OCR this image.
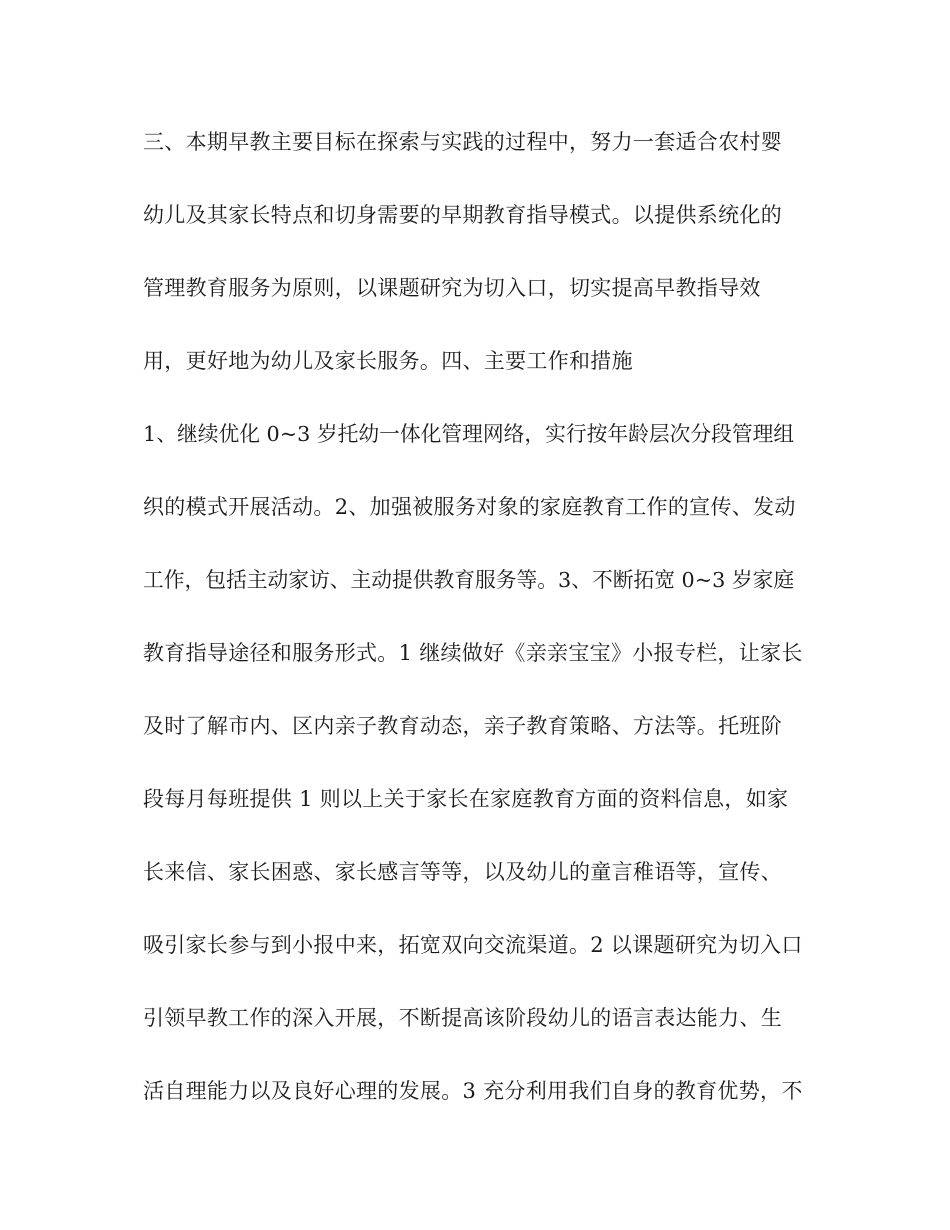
三、本期早教主要目标在探索与实践的过程中，努力一套适合农村婴
幼儿及其家长特点和切身需要的早期教育指导模式。以提供系统化的
管理教育服务为原则，以课题研究为切入口，切实提高早教指导效
用，更好地为幼儿及家长服务。四、主要工作和措施
1、继续优化 0~3 岁托幼一体化管理网络，实行按年龄层次分段管理组
织的模式开展活动。2、加强被服务对象的家庭教育工作的宣传、发动
工作，包括主动家访、主动提供教育服务等。3、不断拓宽 0~3 岁家庭
教育指导途径和服务形式。1 继续做好《亲亲宝宝》小报专栏，让家长
及时了解市内、区内亲子教育动态，亲子教育策略、方法等。托班阶
段每月每班提供 1 则以上关于家长在家庭教育方面的资料信息，如家
长来信、家长困惑、家长感言等等，以及幼儿的童言稚语等，宣传、
吸引家长参与到小报中来，拓宽双向交流渠道。2 以课题研究为切入口
引领早教工作的深入开展，不断提高该阶段幼儿的语言表达能力、生
活自理能力以及良好心理的发展。3 充分利用我们自身的教育优势，不
